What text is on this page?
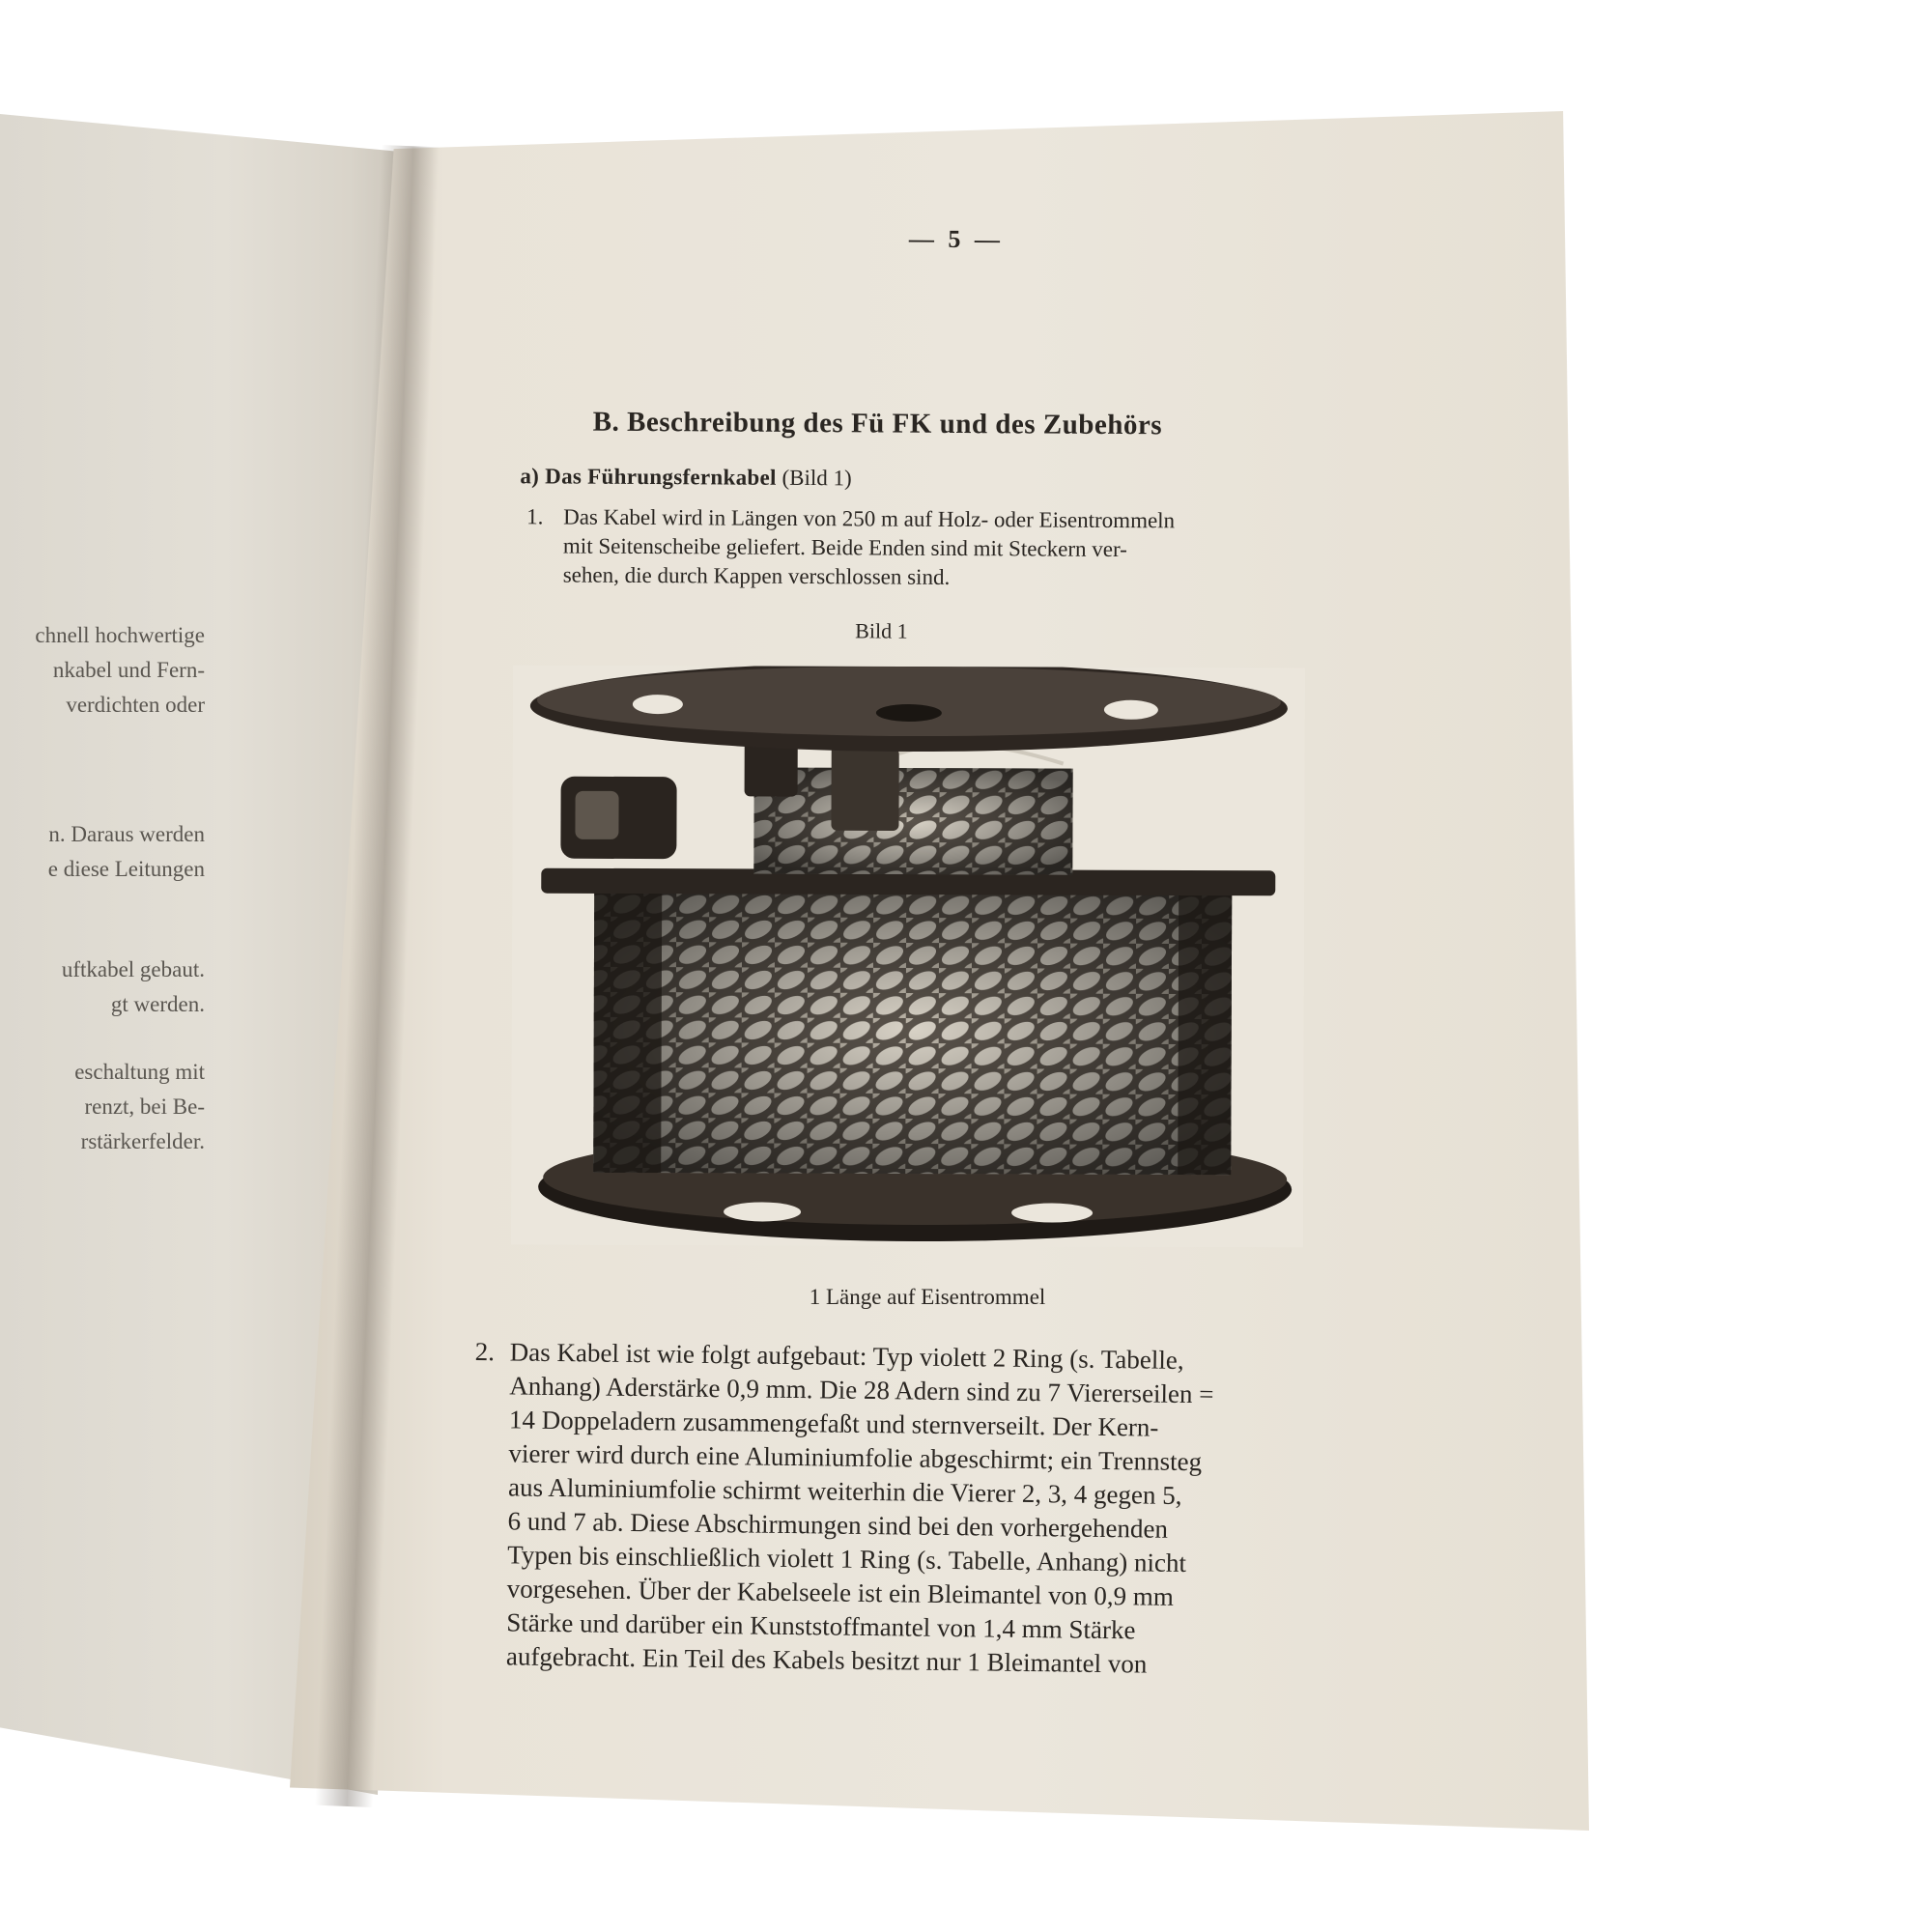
chnell hochwertige
nkabel und Fern-
verdichten oder
n. Daraus werden
e diese Leitungen
uftkabel gebaut.
gt werden.
eschaltung mit
renzt, bei Be-
rstärkerfelder.
— 5 —
B. Beschreibung des Fü FK und des Zubehörs
a) Das Führungsfernkabel (Bild 1)
1. Das Kabel wird in Längen von 250 m auf Holz- oder Eisentrommeln
mit Seitenscheibe geliefert. Beide Enden sind mit Steckern ver-
sehen, die durch Kappen verschlossen sind.
Bild 1
1 Länge auf Eisentrommel
2. Das Kabel ist wie folgt aufgebaut: Typ violett 2 Ring (s. Tabelle,
Anhang) Aderstärke 0,9 mm. Die 28 Adern sind zu 7 Viererseilen =
14 Doppeladern zusammengefaßt und sternverseilt. Der Kern-
vierer wird durch eine Aluminiumfolie abgeschirmt; ein Trennsteg
aus Aluminiumfolie schirmt weiterhin die Vierer 2, 3, 4 gegen 5,
6 und 7 ab. Diese Abschirmungen sind bei den vorhergehenden
Typen bis einschließlich violett 1 Ring (s. Tabelle, Anhang) nicht
vorgesehen. Über der Kabelseele ist ein Bleimantel von 0,9 mm
Stärke und darüber ein Kunststoffmantel von 1,4 mm Stärke
aufgebracht. Ein Teil des Kabels besitzt nur 1 Bleimantel von
